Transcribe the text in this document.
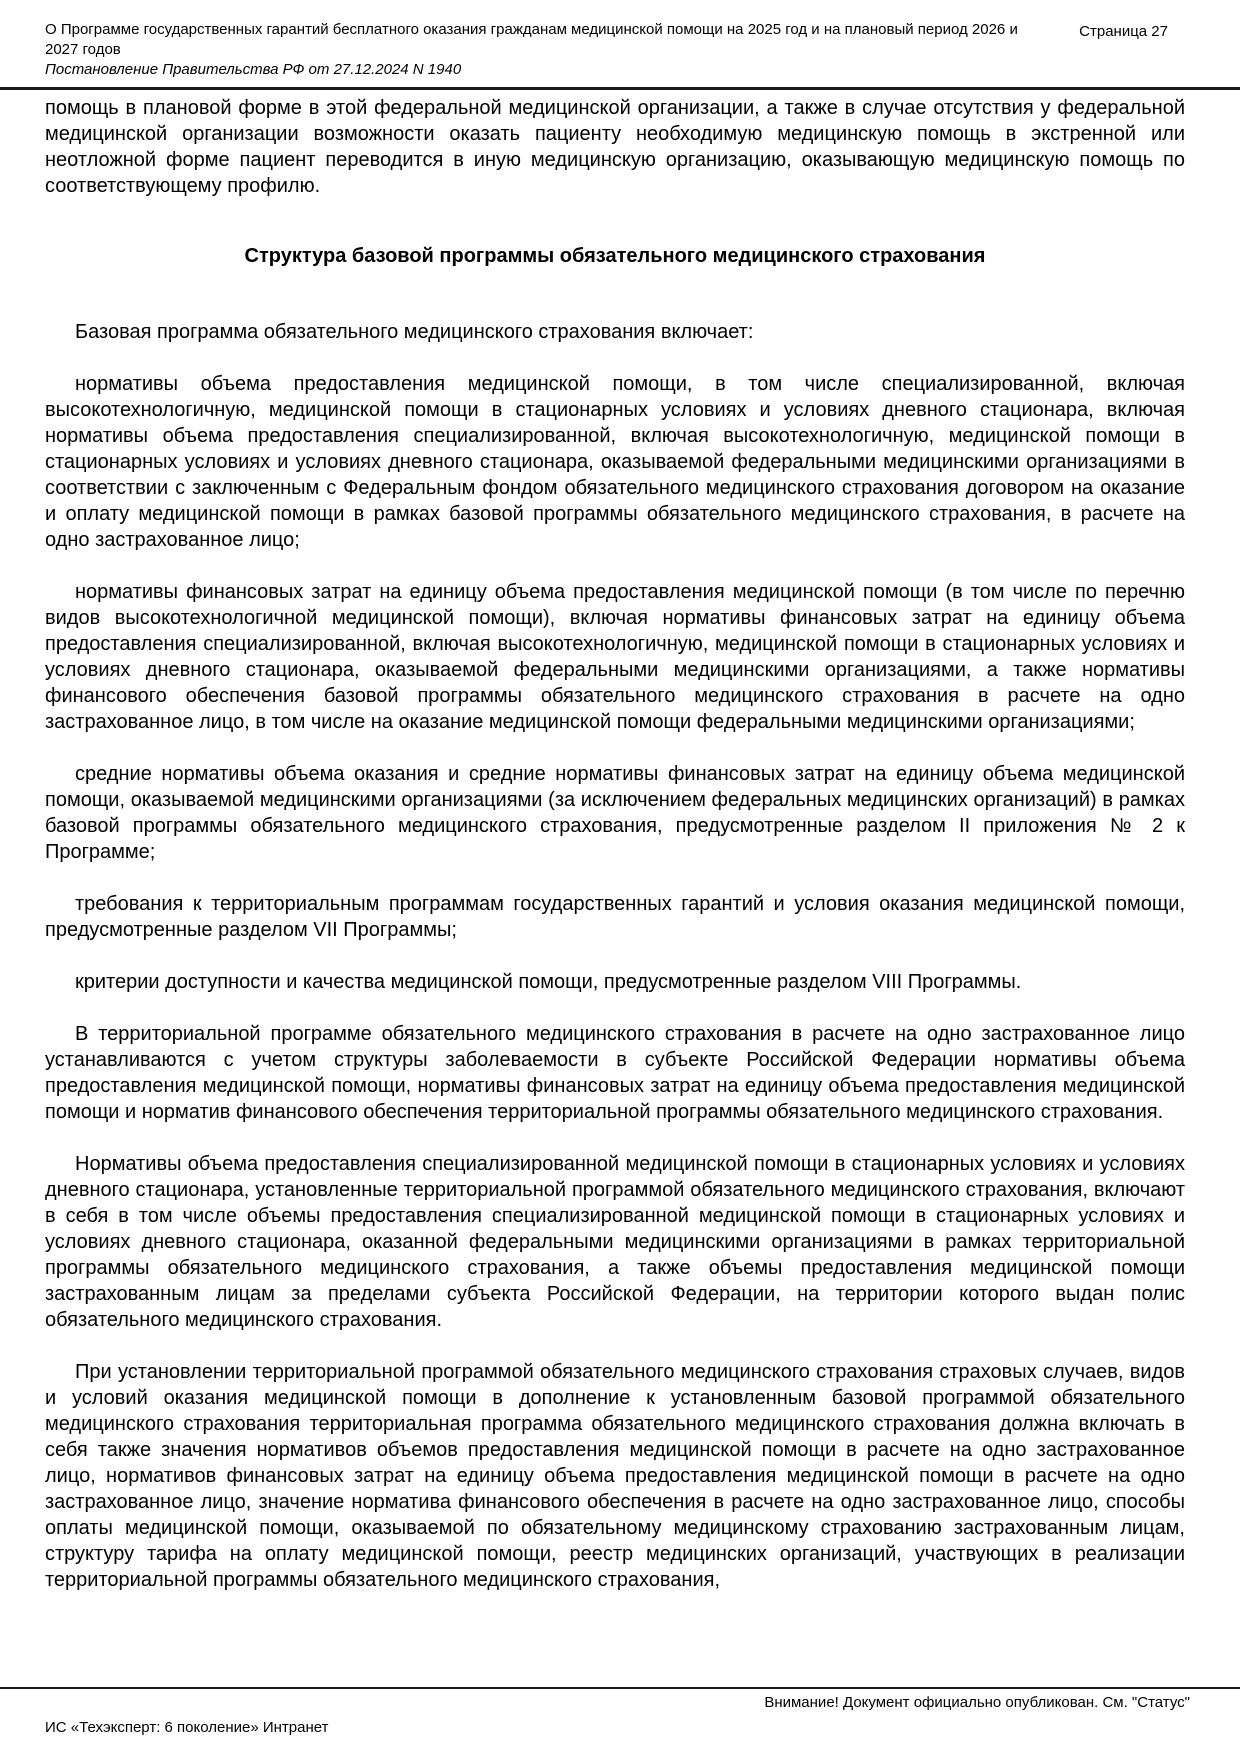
О Программе государственных гарантий бесплатного оказания гражданам медицинской помощи на 2025 год и на плановый период 2026 и 2027 годов
Постановление Правительства РФ от 27.12.2024 N 1940
Страница 27

помощь в плановой форме в этой федеральной медицинской организации, а также в случае отсутствия у федеральной медицинской организации возможности оказать пациенту необходимую медицинскую помощь в экстренной или неотложной форме пациент переводится в иную медицинскую организацию, оказывающую медицинскую помощь по соответствующему профилю.

Структура базовой программы обязательного медицинского страхования

Базовая программа обязательного медицинского страхования включает:

нормативы объема предоставления медицинской помощи, в том числе специализированной, включая высокотехнологичную, медицинской помощи в стационарных условиях и условиях дневного стационара, включая нормативы объема предоставления специализированной, включая высокотехнологичную, медицинской помощи в стационарных условиях и условиях дневного стационара, оказываемой федеральными медицинскими организациями в соответствии с заключенным с Федеральным фондом обязательного медицинского страхования договором на оказание и оплату медицинской помощи в рамках базовой программы обязательного медицинского страхования, в расчете на одно застрахованное лицо;

нормативы финансовых затрат на единицу объема предоставления медицинской помощи (в том числе по перечню видов высокотехнологичной медицинской помощи), включая нормативы финансовых затрат на единицу объема предоставления специализированной, включая высокотехнологичную, медицинской помощи в стационарных условиях и условиях дневного стационара, оказываемой федеральными медицинскими организациями, а также нормативы финансового обеспечения базовой программы обязательного медицинского страхования в расчете на одно застрахованное лицо, в том числе на оказание медицинской помощи федеральными медицинскими организациями;

средние нормативы объема оказания и средние нормативы финансовых затрат на единицу объема медицинской помощи, оказываемой медицинскими организациями (за исключением федеральных медицинских организаций) в рамках базовой программы обязательного медицинского страхования, предусмотренные разделом II приложения № 2 к Программе;

требования к территориальным программам государственных гарантий и условия оказания медицинской помощи, предусмотренные разделом VII Программы;

критерии доступности и качества медицинской помощи, предусмотренные разделом VIII Программы.

В территориальной программе обязательного медицинского страхования в расчете на одно застрахованное лицо устанавливаются с учетом структуры заболеваемости в субъекте Российской Федерации нормативы объема предоставления медицинской помощи, нормативы финансовых затрат на единицу объема предоставления медицинской помощи и норматив финансового обеспечения территориальной программы обязательного медицинского страхования.

Нормативы объема предоставления специализированной медицинской помощи в стационарных условиях и условиях дневного стационара, установленные территориальной программой обязательного медицинского страхования, включают в себя в том числе объемы предоставления специализированной медицинской помощи в стационарных условиях и условиях дневного стационара, оказанной федеральными медицинскими организациями в рамках территориальной программы обязательного медицинского страхования, а также объемы предоставления медицинской помощи застрахованным лицам за пределами субъекта Российской Федерации, на территории которого выдан полис обязательного медицинского страхования.

При установлении территориальной программой обязательного медицинского страхования страховых случаев, видов и условий оказания медицинской помощи в дополнение к установленным базовой программой обязательного медицинского страхования территориальная программа обязательного медицинского страхования должна включать в себя также значения нормативов объемов предоставления медицинской помощи в расчете на одно застрахованное лицо, нормативов финансовых затрат на единицу объема предоставления медицинской помощи в расчете на одно застрахованное лицо, значение норматива финансового обеспечения в расчете на одно застрахованное лицо, способы оплаты медицинской помощи, оказываемой по обязательному медицинскому страхованию застрахованным лицам, структуру тарифа на оплату медицинской помощи, реестр медицинских организаций, участвующих в реализации территориальной программы обязательного медицинского страхования,

Внимание! Документ официально опубликован. См. "Статус"
ИС «Техэксперт: 6 поколение» Интранет
